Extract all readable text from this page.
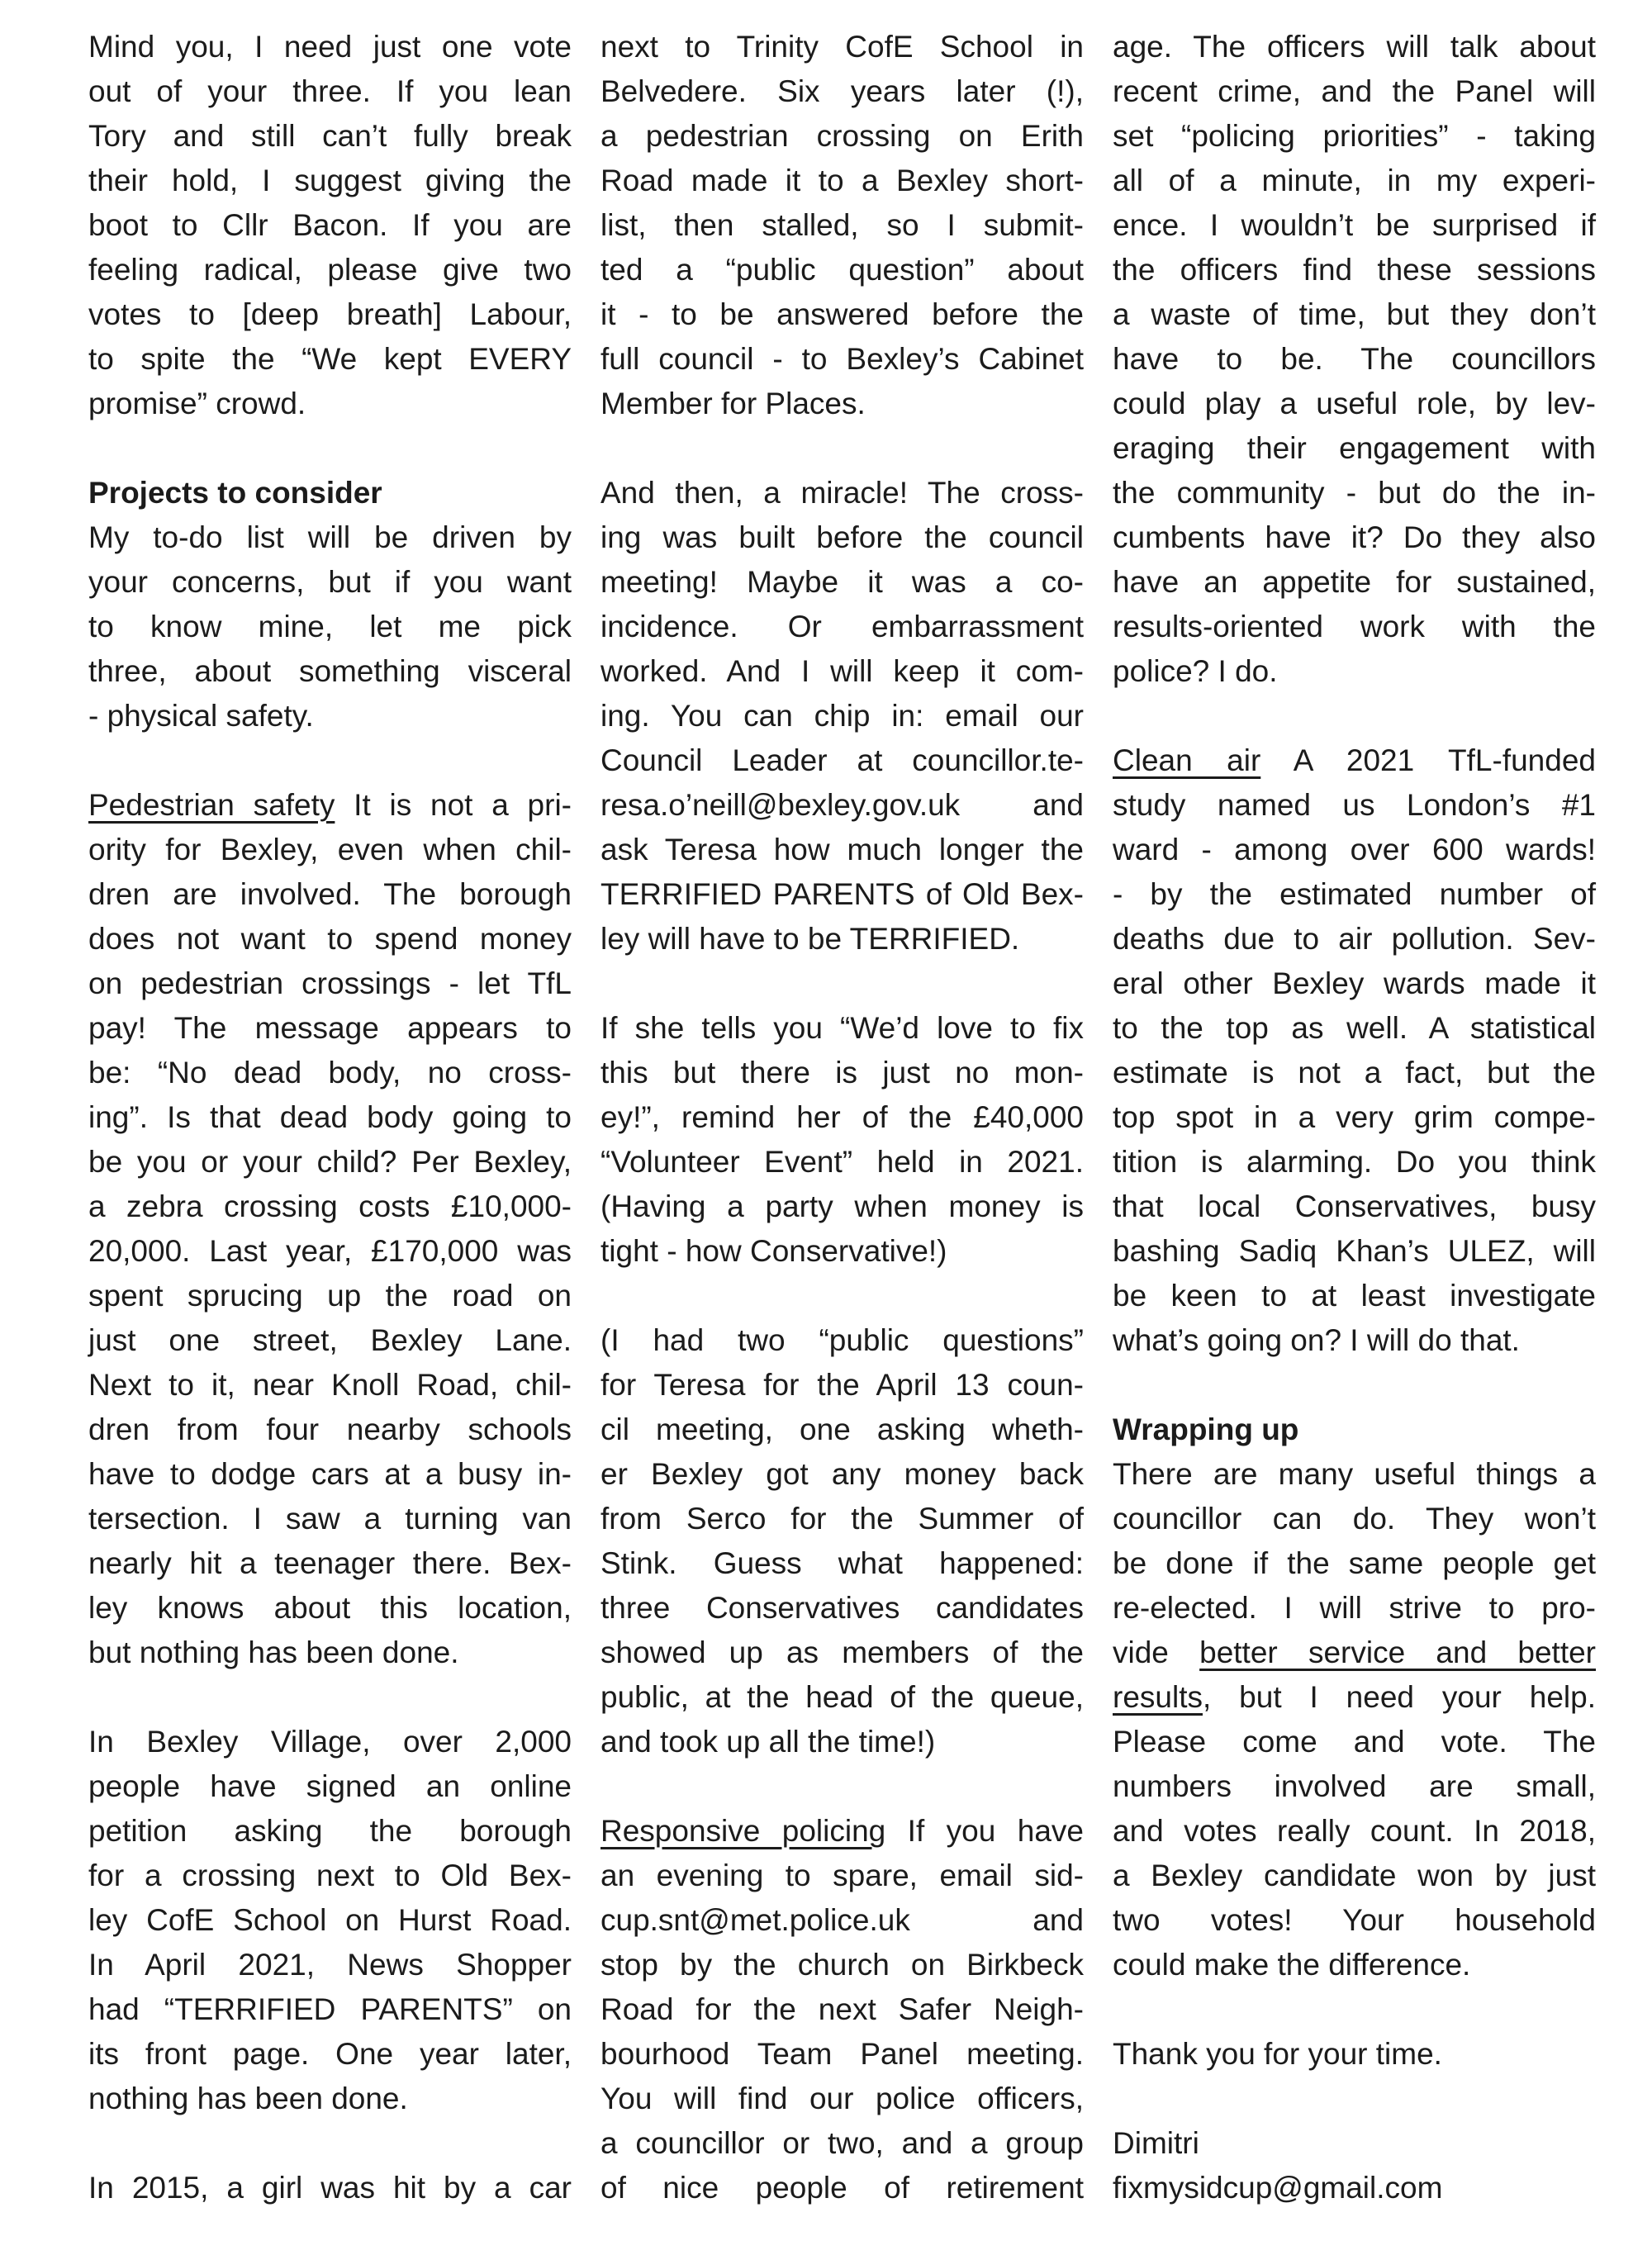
Mind you, I need just one vote
out of your three. If you lean
Tory and still can’t fully break
their hold, I suggest giving the
boot to Cllr Bacon. If you are
feeling radical, please give two
votes to [deep breath] Labour,
to spite the “We kept EVERY
promise” crowd.
Projects to consider
My to-do list will be driven by
your concerns, but if you want
to know mine, let me pick
three, about something visceral
- physical safety.
Pedestrian safety It is not a pri-
ority for Bexley, even when chil-
dren are involved. The borough
does not want to spend money
on pedestrian crossings - let TfL
pay! The message appears to
be: “No dead body, no cross-
ing”. Is that dead body going to
be you or your child? Per Bexley,
a zebra crossing costs £10,000-
20,000. Last year, £170,000 was
spent sprucing up the road on
just one street, Bexley Lane.
Next to it, near Knoll Road, chil-
dren from four nearby schools
have to dodge cars at a busy in-
tersection. I saw a turning van
nearly hit a teenager there. Bex-
ley knows about this location,
but nothing has been done.
In Bexley Village, over 2,000
people have signed an online
petition asking the borough
for a crossing next to Old Bex-
ley CofE School on Hurst Road.
In April 2021, News Shopper
had “TERRIFIED PARENTS” on
its front page. One year later,
nothing has been done.
In 2015, a girl was hit by a car
next to Trinity CofE School in
Belvedere. Six years later (!),
a pedestrian crossing on Erith
Road made it to a Bexley short-
list, then stalled, so I submit-
ted a “public question” about
it - to be answered before the
full council - to Bexley’s Cabinet
Member for Places.
And then, a miracle! The cross-
ing was built before the council
meeting! Maybe it was a co-
incidence. Or embarrassment
worked. And I will keep it com-
ing. You can chip in: email our
Council Leader at councillor.te-
resa.o’neill@bexley.gov.uk and
ask Teresa how much longer the
TERRIFIED PARENTS of Old Bex-
ley will have to be TERRIFIED.
If she tells you “We’d love to fix
this but there is just no mon-
ey!”, remind her of the £40,000
“Volunteer Event” held in 2021.
(Having a party when money is
tight - how Conservative!)
(I had two “public questions”
for Teresa for the April 13 coun-
cil meeting, one asking wheth-
er Bexley got any money back
from Serco for the Summer of
Stink. Guess what happened:
three Conservatives candidates
showed up as members of the
public, at the head of the queue,
and took up all the time!)
Responsive policing If you have
an evening to spare, email sid-
cup.snt@met.police.uk and
stop by the church on Birkbeck
Road for the next Safer Neigh-
bourhood Team Panel meeting.
You will find our police officers,
a councillor or two, and a group
of nice people of retirement
age. The officers will talk about
recent crime, and the Panel will
set “policing priorities” - taking
all of a minute, in my experi-
ence. I wouldn’t be surprised if
the officers find these sessions
a waste of time, but they don’t
have to be. The councillors
could play a useful role, by lev-
eraging their engagement with
the community - but do the in-
cumbents have it? Do they also
have an appetite for sustained,
results-oriented work with the
police? I do.
Clean air A 2021 TfL-funded
study named us London’s #1
ward - among over 600 wards!
- by the estimated number of
deaths due to air pollution. Sev-
eral other Bexley wards made it
to the top as well. A statistical
estimate is not a fact, but the
top spot in a very grim compe-
tition is alarming. Do you think
that local Conservatives, busy
bashing Sadiq Khan’s ULEZ, will
be keen to at least investigate
what’s going on? I will do that.
Wrapping up
There are many useful things a
councillor can do. They won’t
be done if the same people get
re-elected. I will strive to pro-
vide better service and better
results, but I need your help.
Please come and vote. The
numbers involved are small,
and votes really count. In 2018,
a Bexley candidate won by just
two votes! Your household
could make the difference.
Thank you for your time.
Dimitri
fixmysidcup@gmail.com
